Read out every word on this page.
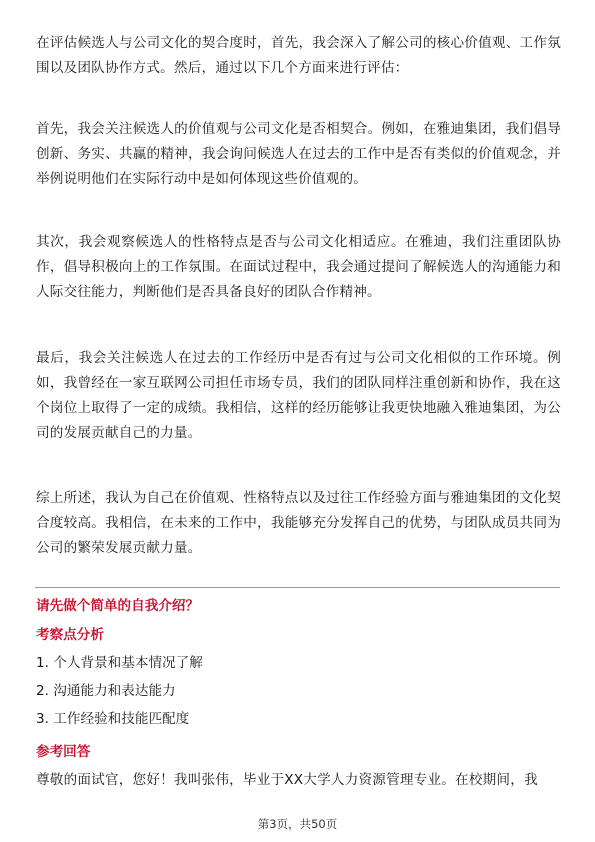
在评估候选人与公司文化的契合度时，首先，我会深入了解公司的核心价值观、工作氛围以及团队协作方式。然后，通过以下几个方面来进行评估：

首先，我会关注候选人的价值观与公司文化是否相契合。例如，在雅迪集团，我们倡导创新、务实、共赢的精神，我会询问候选人在过去的工作中是否有类似的价值观念，并举例说明他们在实际行动中是如何体现这些价值观的。

其次，我会观察候选人的性格特点是否与公司文化相适应。在雅迪，我们注重团队协作，倡导积极向上的工作氛围。在面试过程中，我会通过提问了解候选人的沟通能力和人际交往能力，判断他们是否具备良好的团队合作精神。

最后，我会关注候选人在过去的工作经历中是否有过与公司文化相似的工作环境。例如，我曾经在一家互联网公司担任市场专员，我们的团队同样注重创新和协作，我在这个岗位上取得了一定的成绩。我相信，这样的经历能够让我更快地融入雅迪集团，为公司的发展贡献自己的力量。

综上所述，我认为自己在价值观、性格特点以及过往工作经验方面与雅迪集团的文化契合度较高。我相信，在未来的工作中，我能够充分发挥自己的优势，与团队成员共同为公司的繁荣发展贡献力量。

请先做个简单的自我介绍？

考察点分析

1. 个人背景和基本情况了解

2. 沟通能力和表达能力

3. 工作经验和技能匹配度

参考回答

尊敬的面试官，您好！我叫张伟，毕业于XX大学人力资源管理专业。在校期间，我

第3页，共50页
